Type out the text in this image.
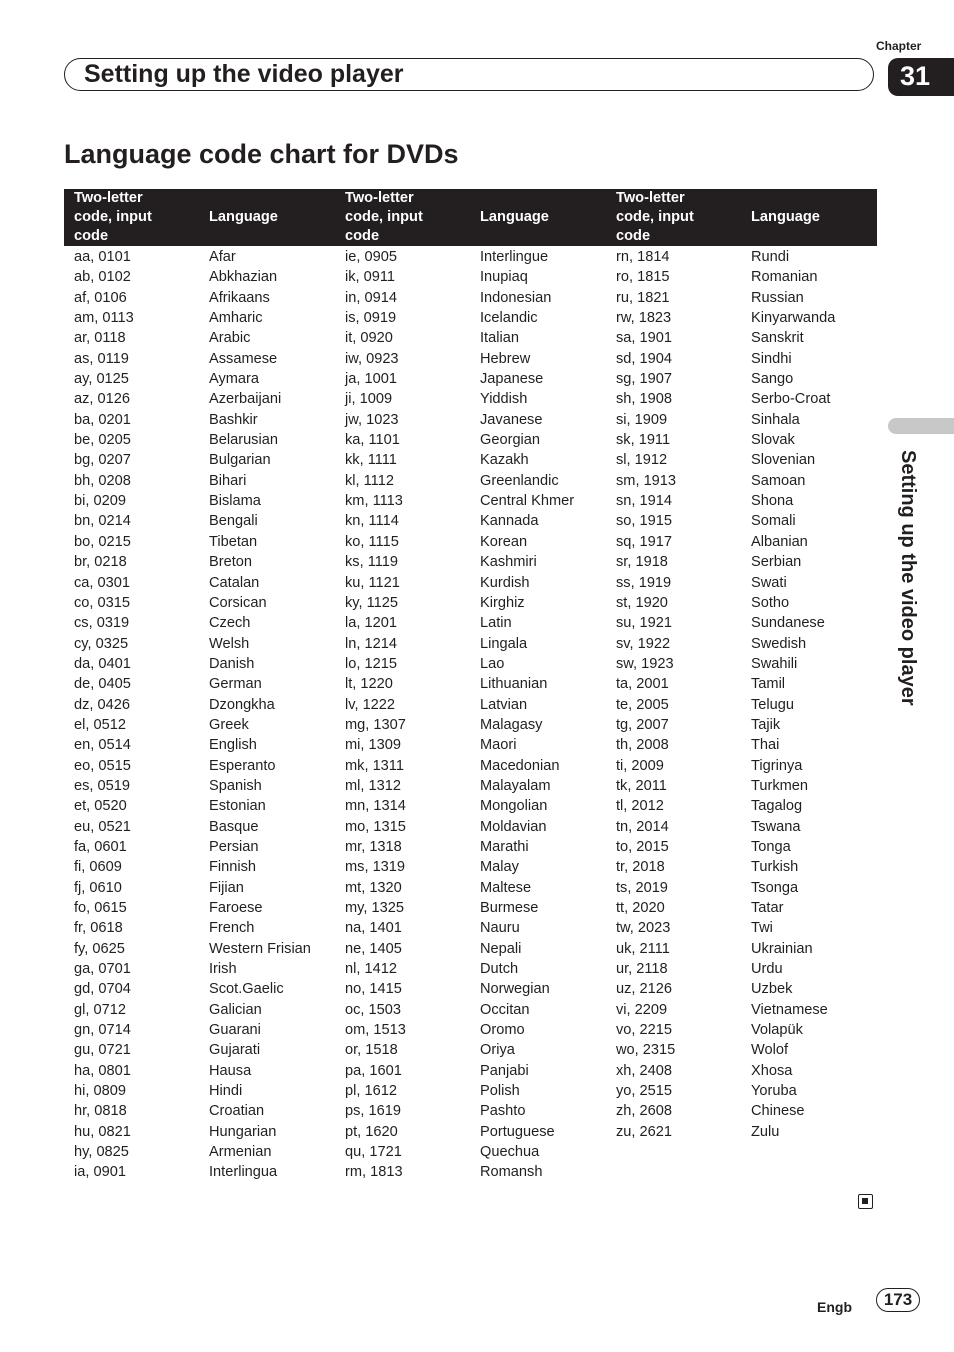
Chapter
31
Setting up the video player
Language code chart for DVDs
Two-letter
code, input
code	Language	Two-letter
code, input
code	Language	Two-letter
code, input
code	Language

aa, 0101	Afar	ie, 0905	Interlingue	rn, 1814	Rundi
ab, 0102	Abkhazian	ik, 0911	Inupiaq	ro, 1815	Romanian
af, 0106	Afrikaans	in, 0914	Indonesian	ru, 1821	Russian
am, 0113	Amharic	is, 0919	Icelandic	rw, 1823	Kinyarwanda
ar, 0118	Arabic	it, 0920	Italian	sa, 1901	Sanskrit
as, 0119	Assamese	iw, 0923	Hebrew	sd, 1904	Sindhi
ay, 0125	Aymara	ja, 1001	Japanese	sg, 1907	Sango
az, 0126	Azerbaijani	ji, 1009	Yiddish	sh, 1908	Serbo-Croat
ba, 0201	Bashkir	jw, 1023	Javanese	si, 1909	Sinhala
be, 0205	Belarusian	ka, 1101	Georgian	sk, 1911	Slovak
bg, 0207	Bulgarian	kk, 1111	Kazakh	sl, 1912	Slovenian
bh, 0208	Bihari	kl, 1112	Greenlandic	sm, 1913	Samoan
bi, 0209	Bislama	km, 1113	Central Khmer	sn, 1914	Shona
bn, 0214	Bengali	kn, 1114	Kannada	so, 1915	Somali
bo, 0215	Tibetan	ko, 1115	Korean	sq, 1917	Albanian
br, 0218	Breton	ks, 1119	Kashmiri	sr, 1918	Serbian
ca, 0301	Catalan	ku, 1121	Kurdish	ss, 1919	Swati
co, 0315	Corsican	ky, 1125	Kirghiz	st, 1920	Sotho
cs, 0319	Czech	la, 1201	Latin	su, 1921	Sundanese
cy, 0325	Welsh	ln, 1214	Lingala	sv, 1922	Swedish
da, 0401	Danish	lo, 1215	Lao	sw, 1923	Swahili
de, 0405	German	lt, 1220	Lithuanian	ta, 2001	Tamil
dz, 0426	Dzongkha	lv, 1222	Latvian	te, 2005	Telugu
el, 0512	Greek	mg, 1307	Malagasy	tg, 2007	Tajik
en, 0514	English	mi, 1309	Maori	th, 2008	Thai
eo, 0515	Esperanto	mk, 1311	Macedonian	ti, 2009	Tigrinya
es, 0519	Spanish	ml, 1312	Malayalam	tk, 2011	Turkmen
et, 0520	Estonian	mn, 1314	Mongolian	tl, 2012	Tagalog
eu, 0521	Basque	mo, 1315	Moldavian	tn, 2014	Tswana
fa, 0601	Persian	mr, 1318	Marathi	to, 2015	Tonga
fi, 0609	Finnish	ms, 1319	Malay	tr, 2018	Turkish
fj, 0610	Fijian	mt, 1320	Maltese	ts, 2019	Tsonga
fo, 0615	Faroese	my, 1325	Burmese	tt, 2020	Tatar
fr, 0618	French	na, 1401	Nauru	tw, 2023	Twi
fy, 0625	Western Frisian	ne, 1405	Nepali	uk, 2111	Ukrainian
ga, 0701	Irish	nl, 1412	Dutch	ur, 2118	Urdu
gd, 0704	Scot.Gaelic	no, 1415	Norwegian	uz, 2126	Uzbek
gl, 0712	Galician	oc, 1503	Occitan	vi, 2209	Vietnamese
gn, 0714	Guarani	om, 1513	Oromo	vo, 2215	Volapük
gu, 0721	Gujarati	or, 1518	Oriya	wo, 2315	Wolof
ha, 0801	Hausa	pa, 1601	Panjabi	xh, 2408	Xhosa
hi, 0809	Hindi	pl, 1612	Polish	yo, 2515	Yoruba
hr, 0818	Croatian	ps, 1619	Pashto	zh, 2608	Chinese
hu, 0821	Hungarian	pt, 1620	Portuguese	zu, 2621	Zulu
hy, 0825	Armenian	qu, 1721	Quechua		
ia, 0901	Interlingua	rm, 1813	Romansh		
Setting up the video player
Engb	173
